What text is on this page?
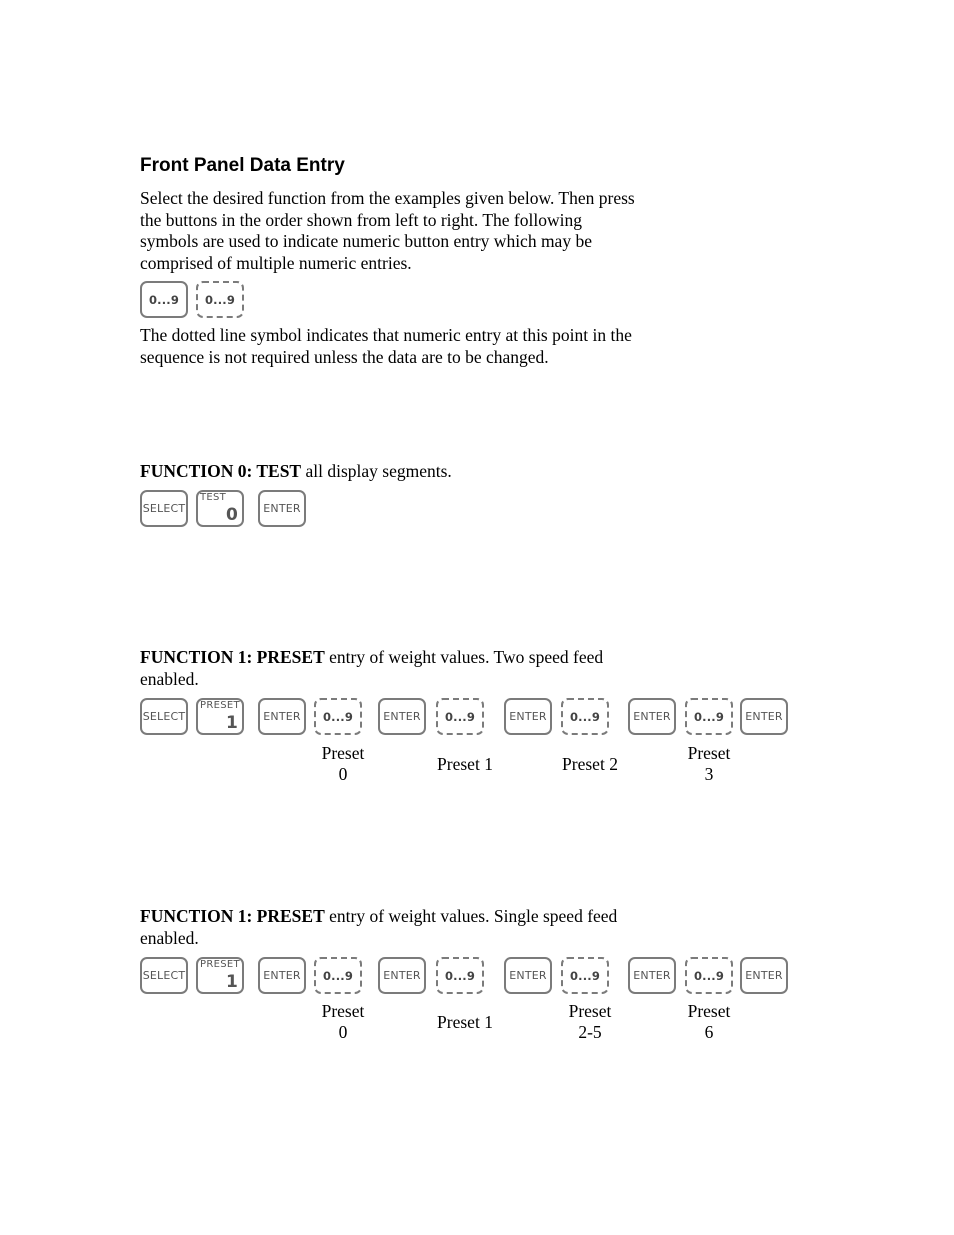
Front Panel Data Entry

Select the desired function from the examples given below. Then press

the buttons in the order shown from left to right. The following

symbols are used to indicate numeric button entry which may be

comprised of multiple numeric entries.

0...9	0...9

The dotted line symbol indicates that numeric entry at this point in the

sequence is not required unless the data are to be changed.

FUNCTION 0: TEST all display segments.

SELECT
TEST
0	ENTER

FUNCTION 1: PRESET entry of weight values. Two speed feed

enabled.

SELECT
PRESET
1	ENTER	0...9	ENTER	0...9	ENTER	0...9	ENTER	0...9	ENTER
Preset
0	Preset 1	Preset 2
Preset
3

FUNCTION 1: PRESET entry of weight values. Single speed feed

enabled.

SELECT
PRESET
1	ENTER	0...9	ENTER	0...9	ENTER	0...9	ENTER	0...9	ENTER
Preset
0	Preset 1
Preset
2-5
Preset
6
